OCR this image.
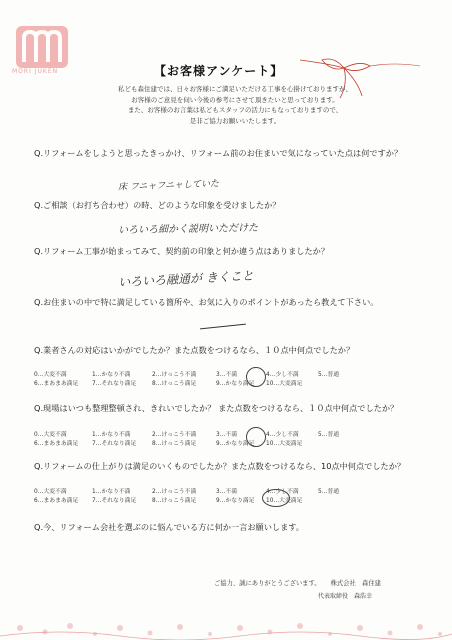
MORI JUKEN	【お客様アンケート】
私ども森住建では、日々お客様にご満足いただける工事を心掛けておりますが、
お客様のご意見を伺い今後の参考にさせて頂きたいと思っております。
また、お客様のお言葉は私どもスタッフの活力にもなっておりますので、
是非ご協力お願いいたします。
Q.リフォームをしようと思ったきっかけ、リフォーム前のお住まいで気になっていた点は何ですか？
床 フニャフニャしていた
Q.ご相談（お打ち合わせ）の時、どのような印象を受けましたか？
いろいろ細かく説明いただけた
Q.リフォーム工事が始まってみて、契約前の印象と何か違う点はありましたか？
いろいろ融通が きくこと
Q.お住まいの中で特に満足している箇所や、お気に入りのポイントがあったら教えて下さい。
Q.業者さんの対応はいかがでしたか？また点数をつけるなら、１０点中何点でしたか？
0…大変不満	1…かなり不満	2…けっこう不満	3…不満	4…少し不満	5…普通
6…まあまあ満足 7…それなり満足	8…けっこう満足	9…かなり満足 10…大変満足
Q.現場はいつも整理整頓され、きれいでしたか？ また点数をつけるなら、１０点中何点でしたか？
0…大変不満	1…かなり不満	2…けっこう不満	3…不満	4…少し不満	5…普通
6…まあまあ満足 7…それなり満足	8…けっこう満足	9…かなり満足 10…大変満足
Q.リフォームの仕上がりは満足のいくものでしたか？また点数をつけるなら、10点中何点でしたか？
0…大変不満	1…かなり不満	2…けっこう不満	3…不満	4…少し不満	5…普通
6…まあまあ満足 7…それなり満足	8…けっこう満足	9…かなり満足 10…大変満足
Q.今、リフォーム会社を選ぶのに悩んでいる方に何か一言お願いします。
ご協力、誠にありがとうございます。 株式会社　森住建
代表取締役　森浩幸
